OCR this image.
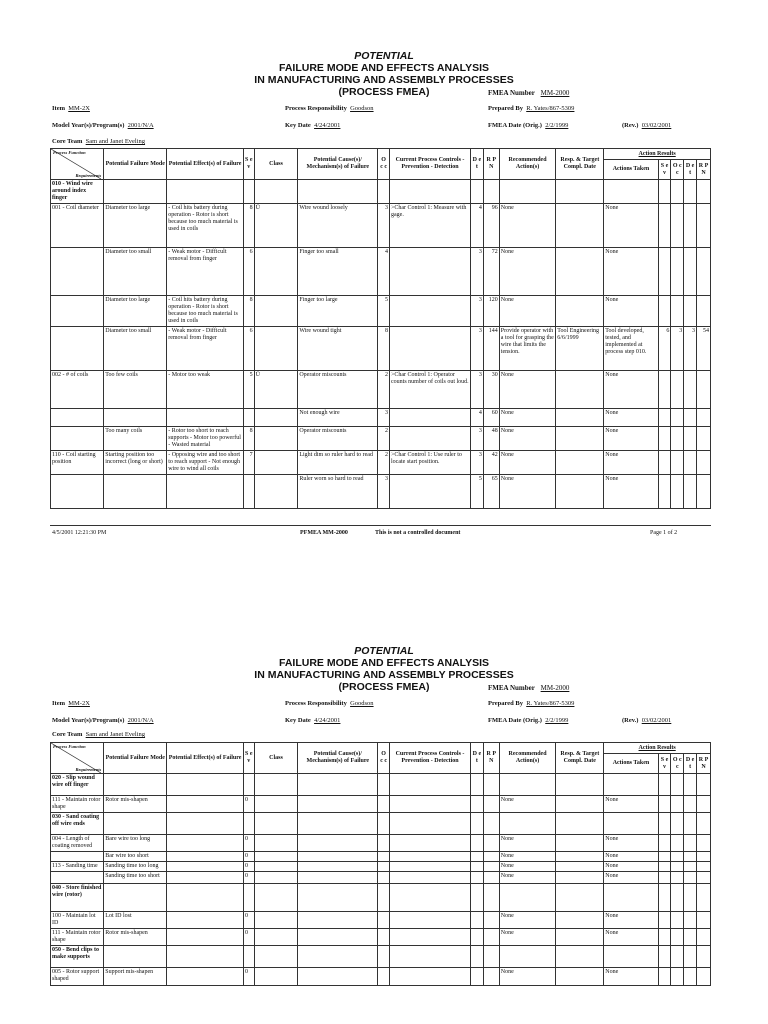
POTENTIAL
FAILURE MODE AND EFFECTS ANALYSIS
IN MANUFACTURING AND ASSEMBLY PROCESSES
(PROCESS FMEA)	FMEA Number MM-2000
Item MM-2X	Process Responsibility Goodson	Prepared By R. Yates/867-5309
Model Year(s)/Program(s) 2001/N/A	Key Date 4/24/2001	FMEA Date (Orig.) 2/2/1999	(Rev.) 03/02/2001
Core Team Sam and Janet Eveling
Process Function
Requirements	Potential Failure Mode	Potential Effect(s) of Failure	S e v	Class	Potential Cause(s)/ Mechanism(s) of Failure	O c c	Current Process Controls - Prevention - Detection	D e t	R P N	Recommended Action(s)	Resp. & Target Compl. Date	Action Results				
												Actions Taken	S e v	O c c	D e t	R P N
010 - Wind wire around index finger																
001 - Coil diameter	Diameter too large	- Coil hits battery during operation - Rotor is short because too much material is used in coils	8	Ü	Wire wound loosely	3	>Char Control 1: Measure with gage.	4	96	None		None				
	Diameter too small	- Weak motor - Difficult removal from finger	6		Finger too small	4		3	72	None		None				
	Diameter too large	- Coil hits battery during operation - Rotor is short because too much material is used in coils	8		Finger too large	5		3	120	None		None				
	Diameter too small	- Weak motor - Difficult removal from finger	6		Wire wound tight	8		3	144	Provide operator with a tool for grasping the wire that limits the tension.	Tool Engineering 6/6/1999	Tool developed, tested, and implemented at process step 010.	6	3	3	54
002 - # of coils	Too few coils	- Motor too weak	5	Ü	Operator miscounts	2	>Char Control 1: Operator counts number of coils out loud.	3	30	None		None				
					Not enough wire	3		4	60	None		None				
	Too many coils	- Rotor too short to reach supports - Motor too powerful - Wasted material	8		Operator miscounts	2		3	48	None		None				
110 - Coil starting position	Starting position too incorrect (long or short)	- Opposing wire and too short to reach support - Not enough wire to wind all coils	7		Light dim so ruler hard to read	2	>Char Control 1: Use ruler to locate start position.	3	42	None		None				
					Ruler worn so hard to read	3		5	65	None		None				
4/5/2001 12:21:30 PM	PFMEA MM-2000	This is not a controlled document	Page 1 of 2
POTENTIAL
FAILURE MODE AND EFFECTS ANALYSIS
IN MANUFACTURING AND ASSEMBLY PROCESSES
(PROCESS FMEA)	FMEA Number MM-2000
Item MM-2X	Process Responsibility Goodson	Prepared By R. Yates/867-5309
Model Year(s)/Program(s) 2001/N/A	Key Date 4/24/2001	FMEA Date (Orig.) 2/2/1999	(Rev.) 03/02/2001
Core Team Sam and Janet Eveling
Process Function
Requirements	Potential Failure Mode	Potential Effect(s) of Failure	S e v	Class	Potential Cause(s)/ Mechanism(s) of Failure	O c c	Current Process Controls - Prevention - Detection	D e t	R P N	Recommended Action(s)	Resp. & Target Compl. Date	Action Results				
												Actions Taken	S e v	O c c	D e t	R P N
020 - Slip wound wire off finger																
111 - Maintain rotor shape	Rotor mis-shapen		0							None		None				
030 - Sand coating off wire ends																
004 - Length of coating removed	Bare wire too long		0							None		None				
	Bar wire too short		0							None		None				
113 - Sanding time	Sanding time too long		0							None		None				
	Sanding time too short		0							None		None				
040 - Store finished wire (rotor)																
100 - Maintain lot ID	Lot ID lost		0							None		None				
111 - Maintain rotor shape	Rotor mis-shapen		0							None		None				
050 - Bend clips to make supports																
005 - Rotor support shaped	Support mis-shapen		0							None		None				
